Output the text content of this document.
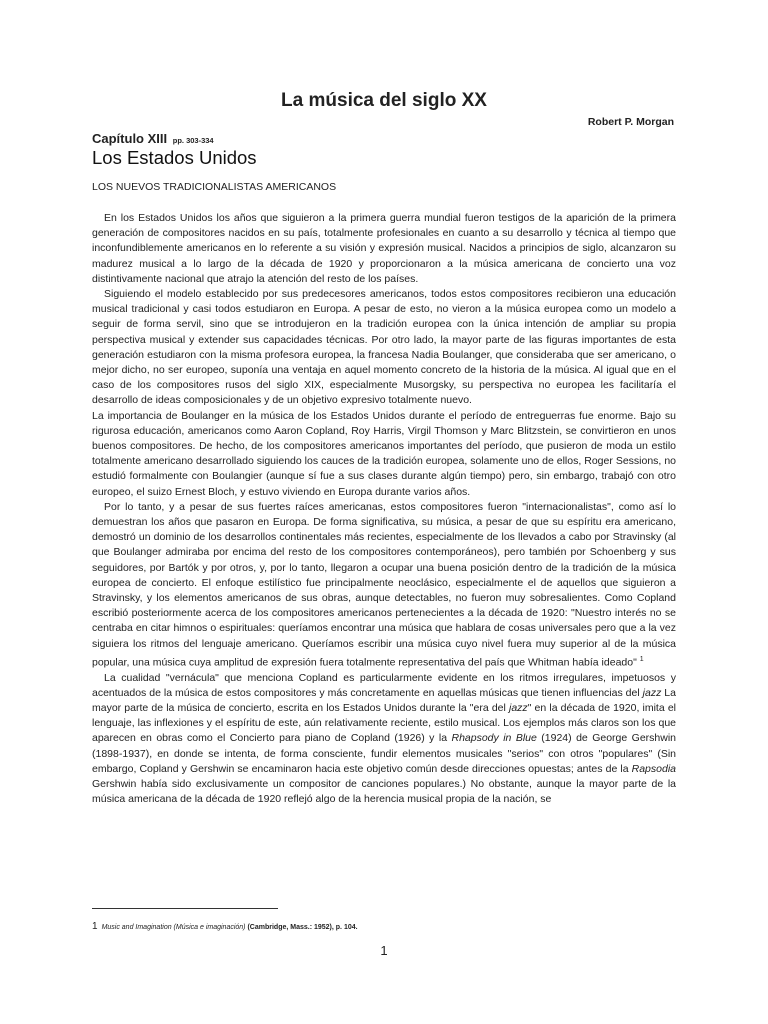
La música del siglo XX
Robert P. Morgan
Capítulo XIII pp. 303-334
Los Estados Unidos
LOS NUEVOS TRADICIONALISTAS AMERICANOS

En los Estados Unidos los años que siguieron a la primera guerra mundial fueron testigos de la aparición de la primera generación de compositores nacidos en su país, totalmente profesionales en cuanto a su desarrollo y técnica al tiempo que inconfundiblemente americanos en lo referente a su visión y expresión musical. Nacidos a principios de siglo, alcanzaron su madurez musical a lo largo de la década de 1920 y proporcionaron a la música americana de concierto una voz distintivamente nacional que atrajo la atención del resto de los países.

Siguiendo el modelo establecido por sus predecesores americanos, todos estos compositores recibieron una educación musical tradicional y casi todos estudiaron en Europa. A pesar de esto, no vieron a la música europea como un modelo a seguir de forma servil, sino que se introdujeron en la tradición europea con la única intención de ampliar su propia perspectiva musical y extender sus capacidades técnicas. Por otro lado, la mayor parte de las figuras importantes de esta generación estudiaron con la misma profesora europea, la francesa Nadia Boulanger, que consideraba que ser americano, o mejor dicho, no ser europeo, suponía una ventaja en aquel momento concreto de la historia de la música. Al igual que en el caso de los compositores rusos del siglo XIX, especialmente Musorgsky, su perspectiva no europea les facilitaría el desarrollo de ideas composicionales y de un objetivo expresivo totalmente nuevo.

La importancia de Boulanger en la música de los Estados Unidos durante el período de entreguerras fue enorme. Bajo su rigurosa educación, americanos como Aaron Copland, Roy Harris, Virgil Thomson y Marc Blitzstein, se convirtieron en unos buenos compositores. De hecho, de los compositores americanos importantes del período, que pusieron de moda un estilo totalmente americano desarrollado siguiendo los cauces de la tradición europea, solamente uno de ellos, Roger Sessions, no estudió formalmente con Boulangier (aunque sí fue a sus clases durante algún tiempo) pero, sin embargo, trabajó con otro europeo, el suizo Ernest Bloch, y estuvo viviendo en Europa durante varios años.

Por lo tanto, y a pesar de sus fuertes raíces americanas, estos compositores fueron "internacionalistas", como así lo demuestran los años que pasaron en Europa. De forma significativa, su música, a pesar de que su espíritu era americano, demostró un dominio de los desarrollos continentales más recientes, especialmente de los llevados a cabo por Stravinsky (al que Boulanger admiraba por encima del resto de los compositores contemporáneos), pero también por Schoenberg y sus seguidores, por Bartók y por otros, y, por lo tanto, llegaron a ocupar una buena posición dentro de la tradición de la música europea de concierto. El enfoque estilístico fue principalmente neoclásico, especialmente el de aquellos que siguieron a Stravinsky, y los elementos americanos de sus obras, aunque detectables, no fueron muy sobresalientes. Como Copland escribió posteriormente acerca de los compositores americanos pertenecientes a la década de 1920: "Nuestro interés no se centraba en citar himnos o espirituales: queríamos encontrar una música que hablara de cosas universales pero que a la vez siguiera los ritmos del lenguaje americano. Queríamos escribir una música cuyo nivel fuera muy superior al de la música popular, una música cuya amplitud de expresión fuera totalmente representativa del país que Whitman había ideado" $^1$

La cualidad "vernácula" que menciona Copland es particularmente evidente en los ritmos irregulares, impetuosos y acentuados de la música de estos compositores y más concretamente en aquellas músicas que tienen influencias del jazz La mayor parte de la música de concierto, escrita en los Estados Unidos durante la "era del jazz" en la década de 1920, imita el lenguaje, las inflexiones y el espíritu de este, aún relativamente reciente, estilo musical. Los ejemplos más claros son los que aparecen en obras como el Concierto para piano de Copland (1926) y la Rhapsody in Blue (1924) de George Gershwin (1898-1937), en donde se intenta, de forma consciente, fundir elementos musicales "serios" con otros "populares" (Sin embargo, Copland y Gershwin se encaminaron hacia este objetivo común desde direcciones opuestas; antes de la Rapsodia Gershwin había sido exclusivamente un compositor de canciones populares.) No obstante, aunque la mayor parte de la música americana de la década de 1920 reflejó algo de la herencia musical propia de la nación, se

1 Music and Imagination (Música e imaginación) (Cambridge, Mass.: 1952), p. 104.
1
